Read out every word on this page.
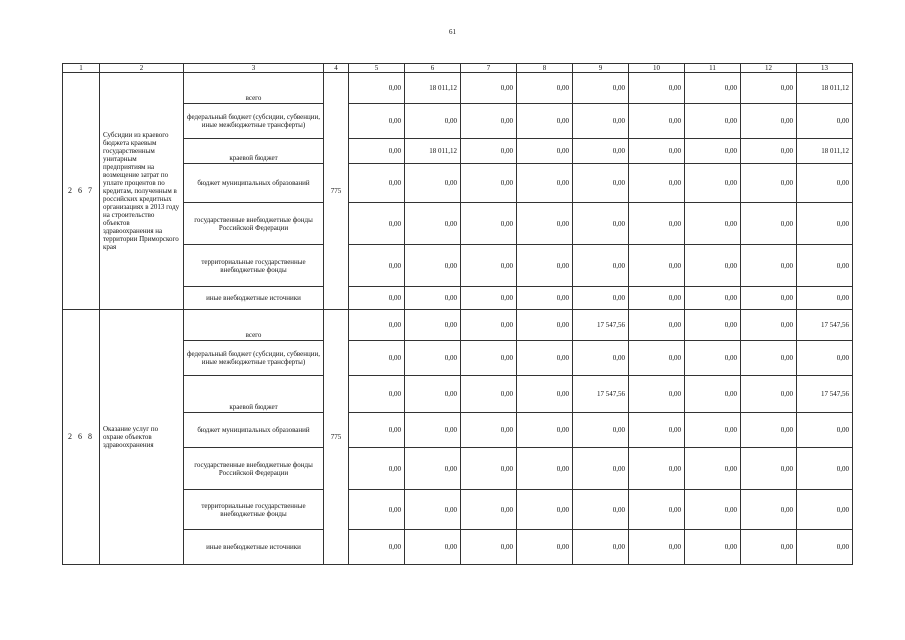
61
1	2	3	4	5	6	7	8	9	10	11	12	13
2 6 7	Субсидии из краевого бюджета краевым государственным унитарным предприятиям на возмещение затрат по уплате процентов по кредитам, полученным в российских кредитных организациях в 2013 году на строительство объектов здравоохранения на территории Приморского края	всего	775	0,00	18 011,12	0,00	0,00	0,00	0,00	0,00	0,00	18 011,12
		федеральный бюджет (субсидии, субвенции, иные межбюджетные трансферты)		0,00	0,00	0,00	0,00	0,00	0,00	0,00	0,00	0,00
		краевой бюджет		0,00	18 011,12	0,00	0,00	0,00	0,00	0,00	0,00	18 011,12
		бюджет муниципальных образований		0,00	0,00	0,00	0,00	0,00	0,00	0,00	0,00	0,00
		государственные внебюджетные фонды Российской Федерации		0,00	0,00	0,00	0,00	0,00	0,00	0,00	0,00	0,00
		территориальные государственные внебюджетные фонды		0,00	0,00	0,00	0,00	0,00	0,00	0,00	0,00	0,00
		иные внебюджетные источники		0,00	0,00	0,00	0,00	0,00	0,00	0,00	0,00	0,00
2 6 8	Оказание услуг по охране объектов здравоохранения	всего	775	0,00	0,00	0,00	0,00	17 547,56	0,00	0,00	0,00	17 547,56
		федеральный бюджет (субсидии, субвенции, иные межбюджетные трансферты)		0,00	0,00	0,00	0,00	0,00	0,00	0,00	0,00	0,00
		краевой бюджет		0,00	0,00	0,00	0,00	17 547,56	0,00	0,00	0,00	17 547,56
		бюджет муниципальных образований		0,00	0,00	0,00	0,00	0,00	0,00	0,00	0,00	0,00
		государственные внебюджетные фонды Российской Федерации		0,00	0,00	0,00	0,00	0,00	0,00	0,00	0,00	0,00
		территориальные государственные внебюджетные фонды		0,00	0,00	0,00	0,00	0,00	0,00	0,00	0,00	0,00
		иные внебюджетные источники		0,00	0,00	0,00	0,00	0,00	0,00	0,00	0,00	0,00
